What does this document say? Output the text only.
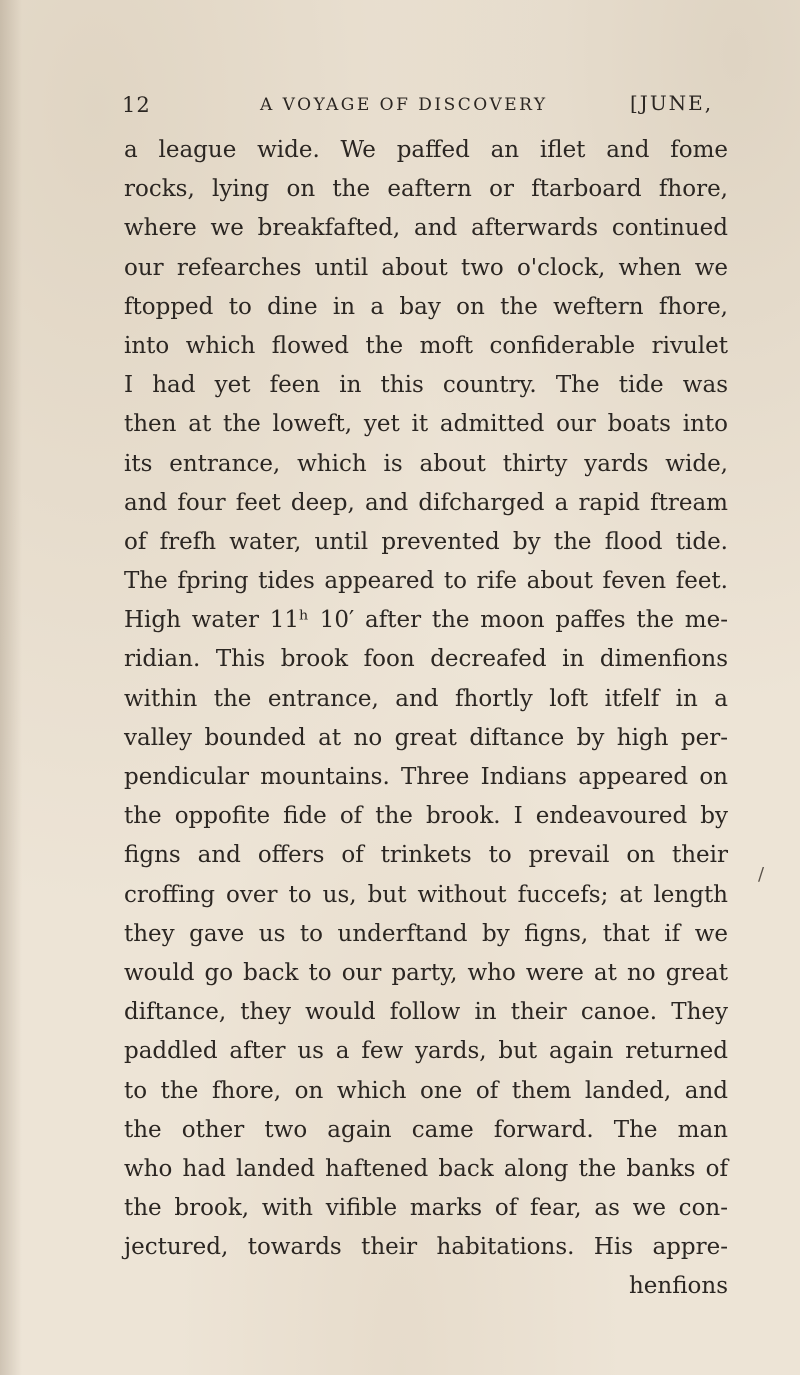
12	A VOYAGE OF DISCOVERY	[JUNE,
a league wide. We paffed an iflet and fome
rocks, lying on the eaftern or ftarboard fhore,
where we breakfafted, and afterwards continued
our refearches until about two o'clock, when we
ftopped to dine in a bay on the weftern fhore,
into which flowed the moft confiderable rivulet
I had yet feen in this country. The tide was
then at the loweft, yet it admitted our boats into
its entrance, which is about thirty yards wide,
and four feet deep, and difcharged a rapid ftream
of frefh water, until prevented by the flood tide.
The fpring tides appeared to rife about feven feet.
High water 11ʰ 10′ after the moon paffes the me-
ridian. This brook foon decreafed in dimenfions
within the entrance, and fhortly loft itfelf in a
valley bounded at no great diftance by high per-
pendicular mountains. Three Indians appeared on
the oppofite fide of the brook. I endeavoured by
figns and offers of trinkets to prevail on their
croffing over to us, but without fuccefs; at length
they gave us to underftand by figns, that if we
would go back to our party, who were at no great
diftance, they would follow in their canoe. They
paddled after us a few yards, but again returned
to the fhore, on which one of them landed, and
the other two again came forward. The man
who had landed haftened back along the banks of
the brook, with vifible marks of fear, as we con-
jectured, towards their habitations. His appre-
henfions
/
